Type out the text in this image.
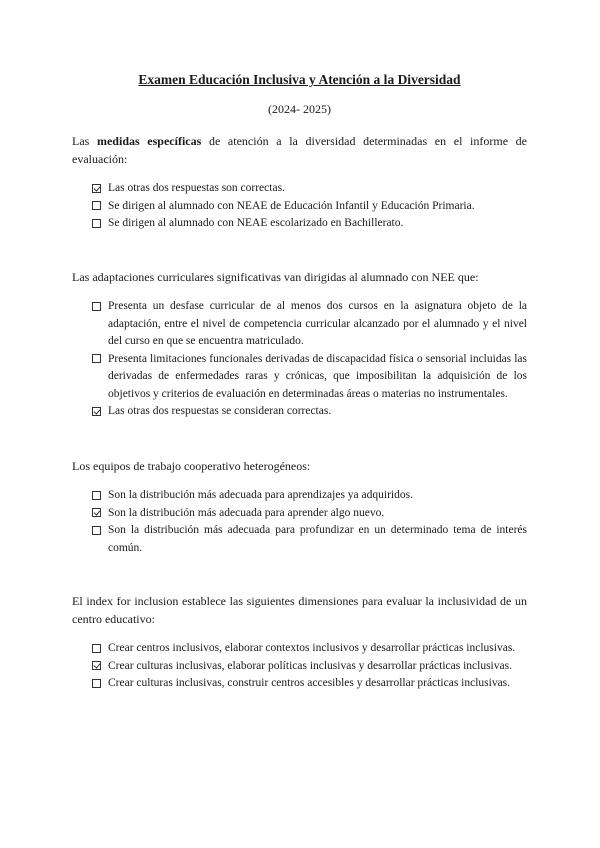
Examen Educación Inclusiva y Atención a la Diversidad

(2024- 2025)

Las medidas específicas de atención a la diversidad determinadas en el informe de evaluación:

Las otras dos respuestas son correctas.
Se dirigen al alumnado con NEAE de Educación Infantil y Educación Primaria.
Se dirigen al alumnado con NEAE escolarizado en Bachillerato.

Las adaptaciones curriculares significativas van dirigidas al alumnado con NEE que:

Presenta un desfase curricular de al menos dos cursos en la asignatura objeto de la adaptación, entre el nivel de competencia curricular alcanzado por el alumnado y el nivel del curso en que se encuentra matriculado.
Presenta limitaciones funcionales derivadas de discapacidad física o sensorial incluidas las derivadas de enfermedades raras y crónicas, que imposibilitan la adquisición de los objetivos y criterios de evaluación en determinadas áreas o materias no instrumentales.
Las otras dos respuestas se consideran correctas.

Los equipos de trabajo cooperativo heterogéneos:

Son la distribución más adecuada para aprendizajes ya adquiridos.
Son la distribución más adecuada para aprender algo nuevo.
Son la distribución más adecuada para profundizar en un determinado tema de interés común.

El index for inclusion establece las siguientes dimensiones para evaluar la inclusividad de un centro educativo:

Crear centros inclusivos, elaborar contextos inclusivos y desarrollar prácticas inclusivas.
Crear culturas inclusivas, elaborar políticas inclusivas y desarrollar prácticas inclusivas.
Crear culturas inclusivas, construir centros accesibles y desarrollar prácticas inclusivas.
